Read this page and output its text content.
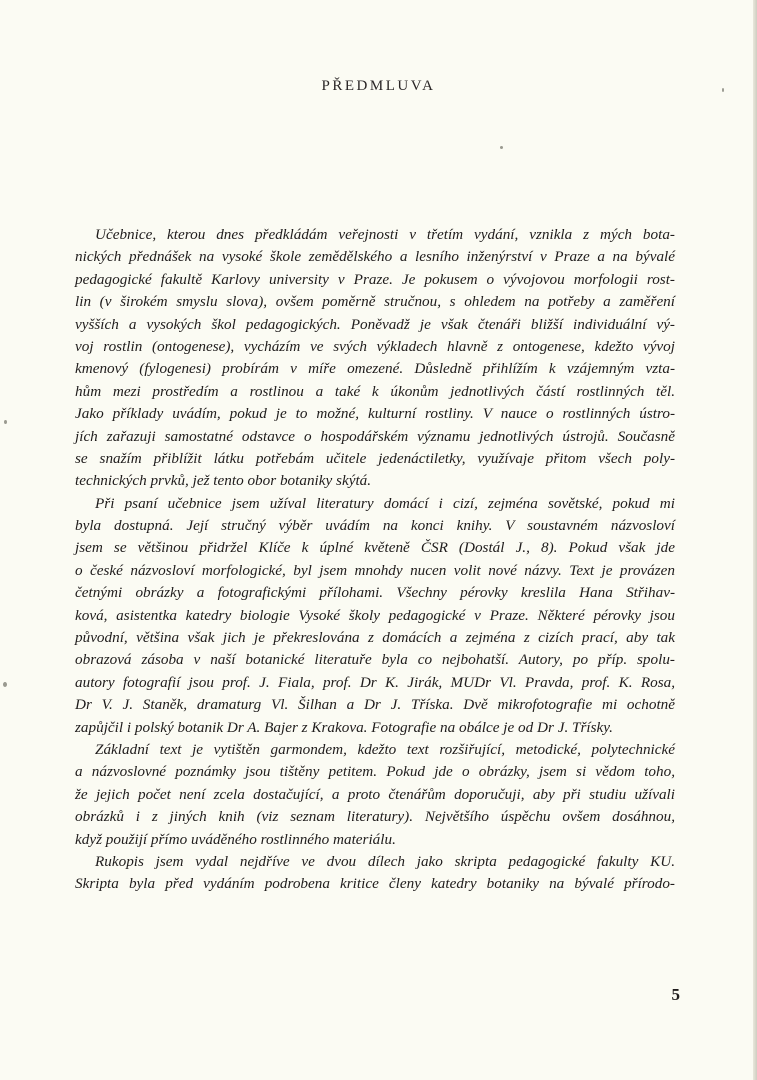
PŘEDMLUVA

Učebnice, kterou dnes předkládám veřejnosti v třetím vydání, vznikla z mých bota-
nických přednášek na vysoké škole zemědělského a lesního inženýrství v Praze a na bývalé
pedagogické fakultě Karlovy university v Praze. Je pokusem o vývojovou morfologii rost-
lin (v širokém smyslu slova), ovšem poměrně stručnou, s ohledem na potřeby a zaměření
vyšších a vysokých škol pedagogických. Poněvadž je však čtenáři bližší individuální vý-
voj rostlin (ontogenese), vycházím ve svých výkladech hlavně z ontogenese, kdežto vývoj
kmenový (fylogenesi) probírám v míře omezené. Důsledně přihlížím k vzájemným vzta-
hům mezi prostředím a rostlinou a také k úkonům jednotlivých částí rostlinných těl.
Jako příklady uvádím, pokud je to možné, kulturní rostliny. V nauce o rostlinných ústro-
jích zařazuji samostatné odstavce o hospodářském významu jednotlivých ústrojů. Současně
se snažím přiblížit látku potřebám učitele jedenáctiletky, využívaje přitom všech poly-
technických prvků, jež tento obor botaniky skýtá.

Při psaní učebnice jsem užíval literatury domácí i cizí, zejména sovětské, pokud mi
byla dostupná. Její stručný výběr uvádím na konci knihy. V soustavném názvosloví
jsem se většinou přidržel Klíče k úplné květeně ČSR (Dostál J., 8). Pokud však jde
o české názvosloví morfologické, byl jsem mnohdy nucen volit nové názvy. Text je provázen
četnými obrázky a fotografickými přílohami. Všechny pérovky kreslila Hana Střihav-
ková, asistentka katedry biologie Vysoké školy pedagogické v Praze. Některé pérovky jsou
původní, většina však jich je překreslována z domácích a zejména z cizích prací, aby tak
obrazová zásoba v naší botanické literatuře byla co nejbohatší. Autory, po příp. spolu-
autory fotografií jsou prof. J. Fiala, prof. Dr K. Jirák, MUDr Vl. Pravda, prof. K. Rosa,
Dr V. J. Staněk, dramaturg Vl. Šilhan a Dr J. Tříska. Dvě mikrofotografie mi ochotně
zapůjčil i polský botanik Dr A. Bajer z Krakova. Fotografie na obálce je od Dr J. Třísky.

Základní text je vytištěn garmondem, kdežto text rozšiřující, metodické, polytechnické
a názvoslovné poznámky jsou tištěny petitem. Pokud jde o obrázky, jsem si vědom toho,
že jejich počet není zcela dostačující, a proto čtenářům doporučuji, aby při studiu užívali
obrázků i z jiných knih (viz seznam literatury). Největšího úspěchu ovšem dosáhnou,
když použijí přímo uváděného rostlinného materiálu.

Rukopis jsem vydal nejdříve ve dvou dílech jako skripta pedagogické fakulty KU.
Skripta byla před vydáním podrobena kritice členy katedry botaniky na bývalé přírodo-

5
